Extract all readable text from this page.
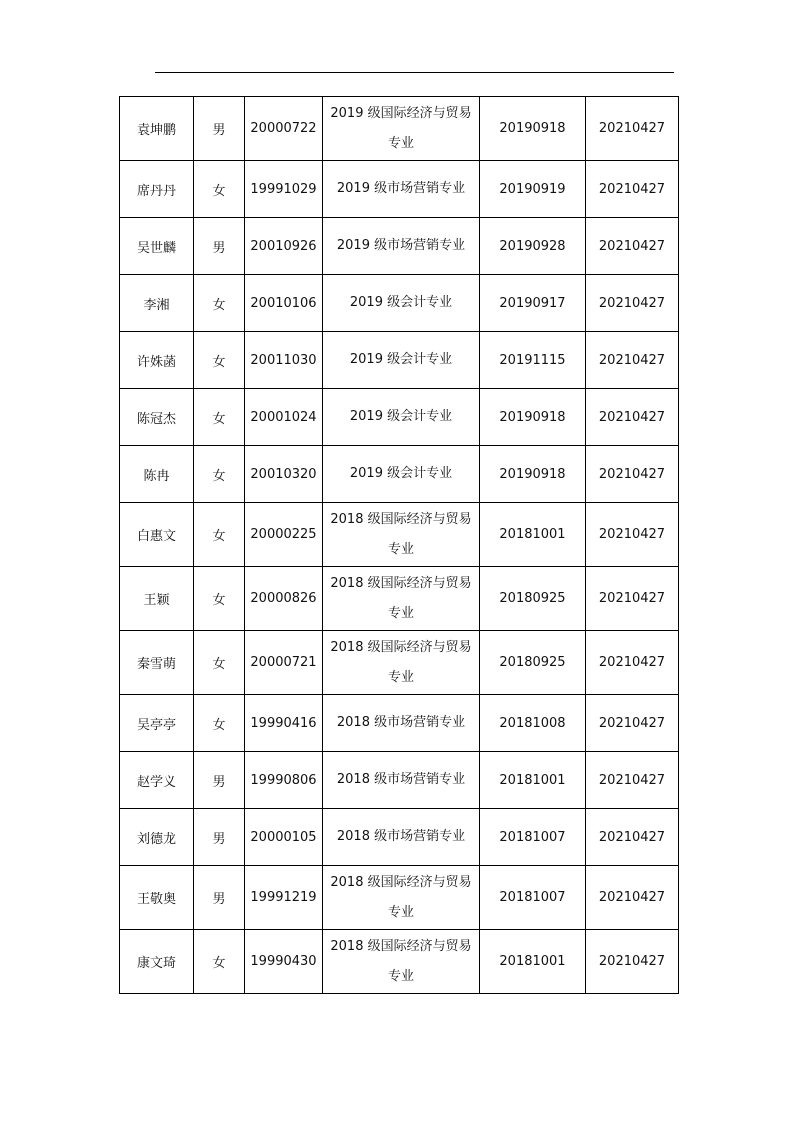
袁坤鹏	男	20000722	2019 级国际经济与贸易专业	20190918	20210427
席丹丹	女	19991029	2019 级市场营销专业	20190919	20210427
吴世麟	男	20010926	2019 级市场营销专业	20190928	20210427
李湘	女	20010106	2019 级会计专业	20190917	20210427
许姝菡	女	20011030	2019 级会计专业	20191115	20210427
陈冠杰	女	20001024	2019 级会计专业	20190918	20210427
陈冉	女	20010320	2019 级会计专业	20190918	20210427
白惠文	女	20000225	2018 级国际经济与贸易专业	20181001	20210427
王颖	女	20000826	2018 级国际经济与贸易专业	20180925	20210427
秦雪萌	女	20000721	2018 级国际经济与贸易专业	20180925	20210427
吴亭亭	女	19990416	2018 级市场营销专业	20181008	20210427
赵学义	男	19990806	2018 级市场营销专业	20181001	20210427
刘德龙	男	20000105	2018 级市场营销专业	20181007	20210427
王敬奥	男	19991219	2018 级国际经济与贸易专业	20181007	20210427
康文琦	女	19990430	2018 级国际经济与贸易专业	20181001	20210427
